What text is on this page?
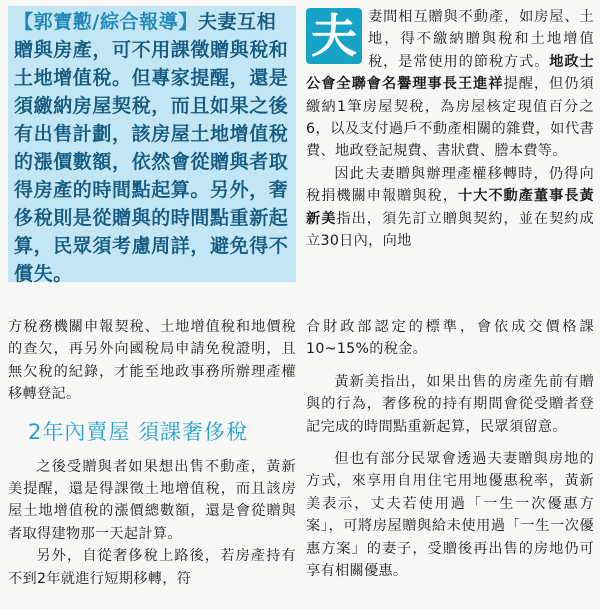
【郭寶懃/綜合報導】夫妻互相贈與房產，可不用課徵贈與稅和土地增值稅。但專家提醒，還是須繳納房屋契稅，而且如果之後有出售計劃，該房屋土地增值稅的漲價數額，依然會從贈與者取得房產的時間點起算。另外，奢侈稅則是從贈與的時間點重新起算，民眾須考慮周詳，避免得不償失。

夫 妻間相互贈與不動產，如房屋、土地，得不繳納贈與稅和土地增值稅，是常使用的節稅方式。地政士公會全聯會名譽理事長王進祥提醒，但仍須繳納1筆房屋契稅，為房屋核定現值百分之6，以及支付過戶不動產相關的雜費，如代書費、地政登記規費、書狀費、謄本費等。

因此夫妻贈與辦理產權移轉時，仍得向稅捐機關申報贈與稅，十大不動產董事長黃新美指出，須先訂立贈與契約，並在契約成立30日內，向地

方稅務機關申報契稅、土地增值稅和地價稅的查欠，再另外向國稅局申請免稅證明，且無欠稅的紀錄，才能至地政事務所辦理產權移轉登記。

2年內賣屋 須課奢侈稅

之後受贈與者如果想出售不動產，黃新美提醒，還是得課徵土地增值稅，而且該房屋土地增值稅的漲價總數額，還是會從贈與者取得建物那一天起計算。

另外，自從奢侈稅上路後，若房產持有不到2年就進行短期移轉，符

合財政部認定的標準，會依成交價格課10~15%的稅金。

黃新美指出，如果出售的房產先前有贈與的行為，奢侈稅的持有期間會從受贈者登記完成的時間點重新起算，民眾須留意。

但也有部分民眾會透過夫妻贈與房地的方式，來享用自用住宅用地優惠稅率，黃新美表示，丈夫若使用過「一生一次優惠方案」，可將房屋贈與給未使用過「一生一次優惠方案」的妻子，受贈後再出售的房地仍可享有相關優惠。
